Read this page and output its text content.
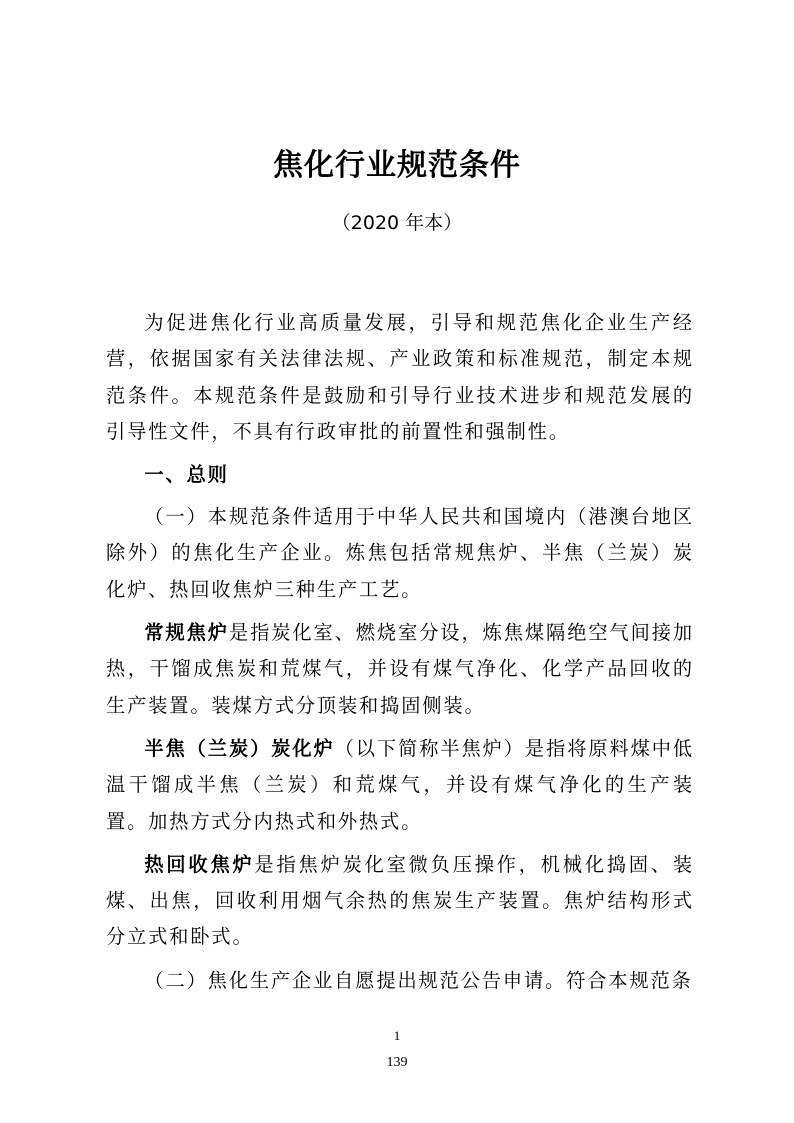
焦化行业规范条件
（2020 年本）

为促进焦化行业高质量发展，引导和规范焦化企业生产经营，依据国家有关法律法规、产业政策和标准规范，制定本规范条件。本规范条件是鼓励和引导行业技术进步和规范发展的引导性文件，不具有行政审批的前置性和强制性。

一、总则

（一）本规范条件适用于中华人民共和国境内（港澳台地区除外）的焦化生产企业。炼焦包括常规焦炉、半焦（兰炭）炭化炉、热回收焦炉三种生产工艺。

常规焦炉是指炭化室、燃烧室分设，炼焦煤隔绝空气间接加热，干馏成焦炭和荒煤气，并设有煤气净化、化学产品回收的生产装置。装煤方式分顶装和捣固侧装。

半焦（兰炭）炭化炉（以下简称半焦炉）是指将原料煤中低温干馏成半焦（兰炭）和荒煤气，并设有煤气净化的生产装置。加热方式分内热式和外热式。

热回收焦炉是指焦炉炭化室微负压操作，机械化捣固、装煤、出焦，回收利用烟气余热的焦炭生产装置。焦炉结构形式分立式和卧式。

（二）焦化生产企业自愿提出规范公告申请。符合本规范条

1
139
